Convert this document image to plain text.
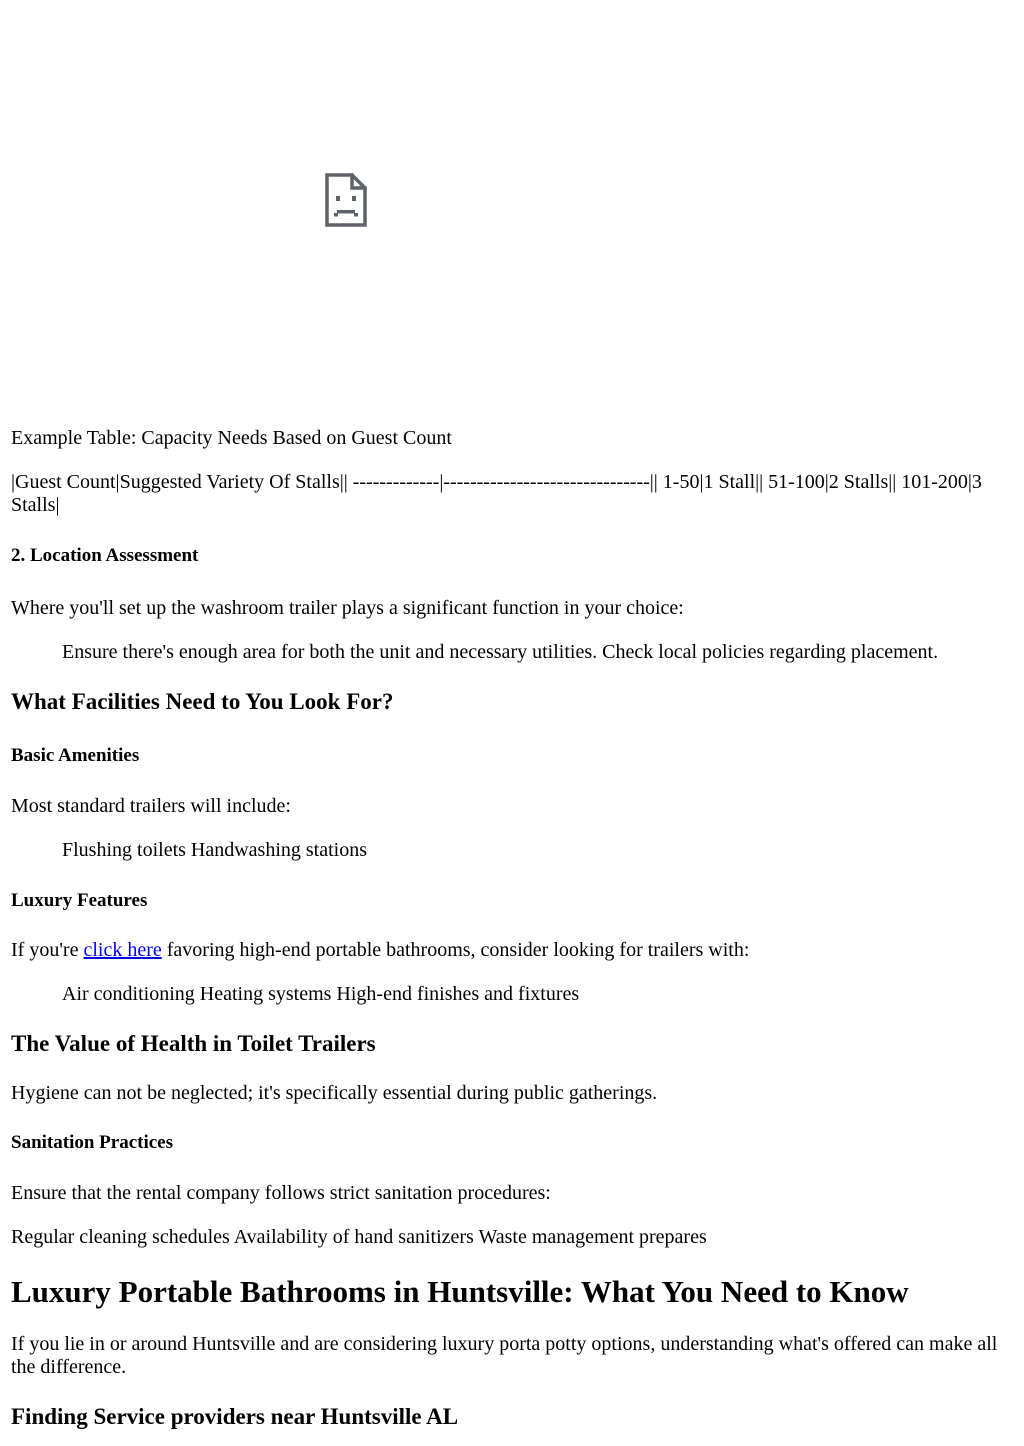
Example Table: Capacity Needs Based on Guest Count

|Guest Count|Suggested Variety Of Stalls|| -------------|-------------------------------|| 1-50|1 Stall|| 51-100|2 Stalls|| 101-200|3 Stalls|

2. Location Assessment

Where you'll set up the washroom trailer plays a significant function in your choice:

Ensure there's enough area for both the unit and necessary utilities. Check local policies regarding placement.

What Facilities Need to You Look For?
Basic Amenities

Most standard trailers will include:

Flushing toilets Handwashing stations

Luxury Features

If you're click here favoring high-end portable bathrooms, consider looking for trailers with:

Air conditioning Heating systems High-end finishes and fixtures

The Value of Health in Toilet Trailers

Hygiene can not be neglected; it's specifically essential during public gatherings.

Sanitation Practices

Ensure that the rental company follows strict sanitation procedures:

Regular cleaning schedules Availability of hand sanitizers Waste management prepares

Luxury Portable Bathrooms in Huntsville: What You Need to Know

If you lie in or around Huntsville and are considering luxury porta potty options, understanding what's offered can make all the difference.

Finding Service providers near Huntsville AL
